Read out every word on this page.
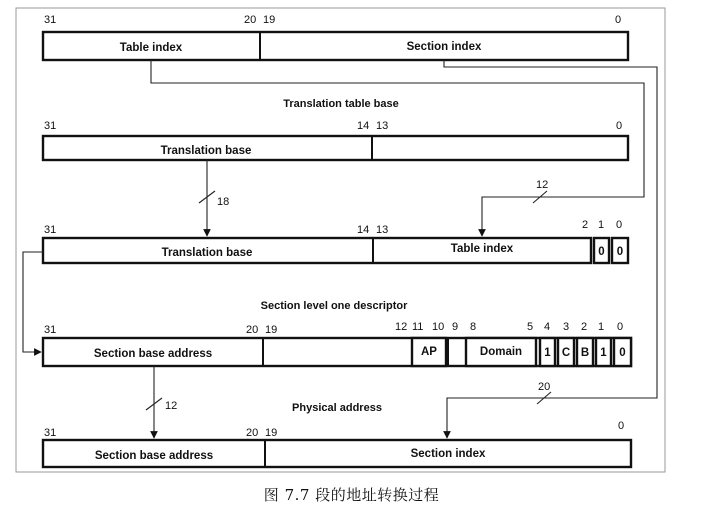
31	20 19	0
Table index	Section index
Translation table base
31	14 13	0
Translation base
31	14 13	2 1 0
Translation base	Table index	0 0
Section level one descriptor
31	20 19	12 11 10 9 8	5 4 3 2 1 0
Section base address	AP	Domain 1 C B 1 0
Physical address
31	20 19
0
Section base address	Section index
18
12
12
20
图 7.7 段的地址转换过程
